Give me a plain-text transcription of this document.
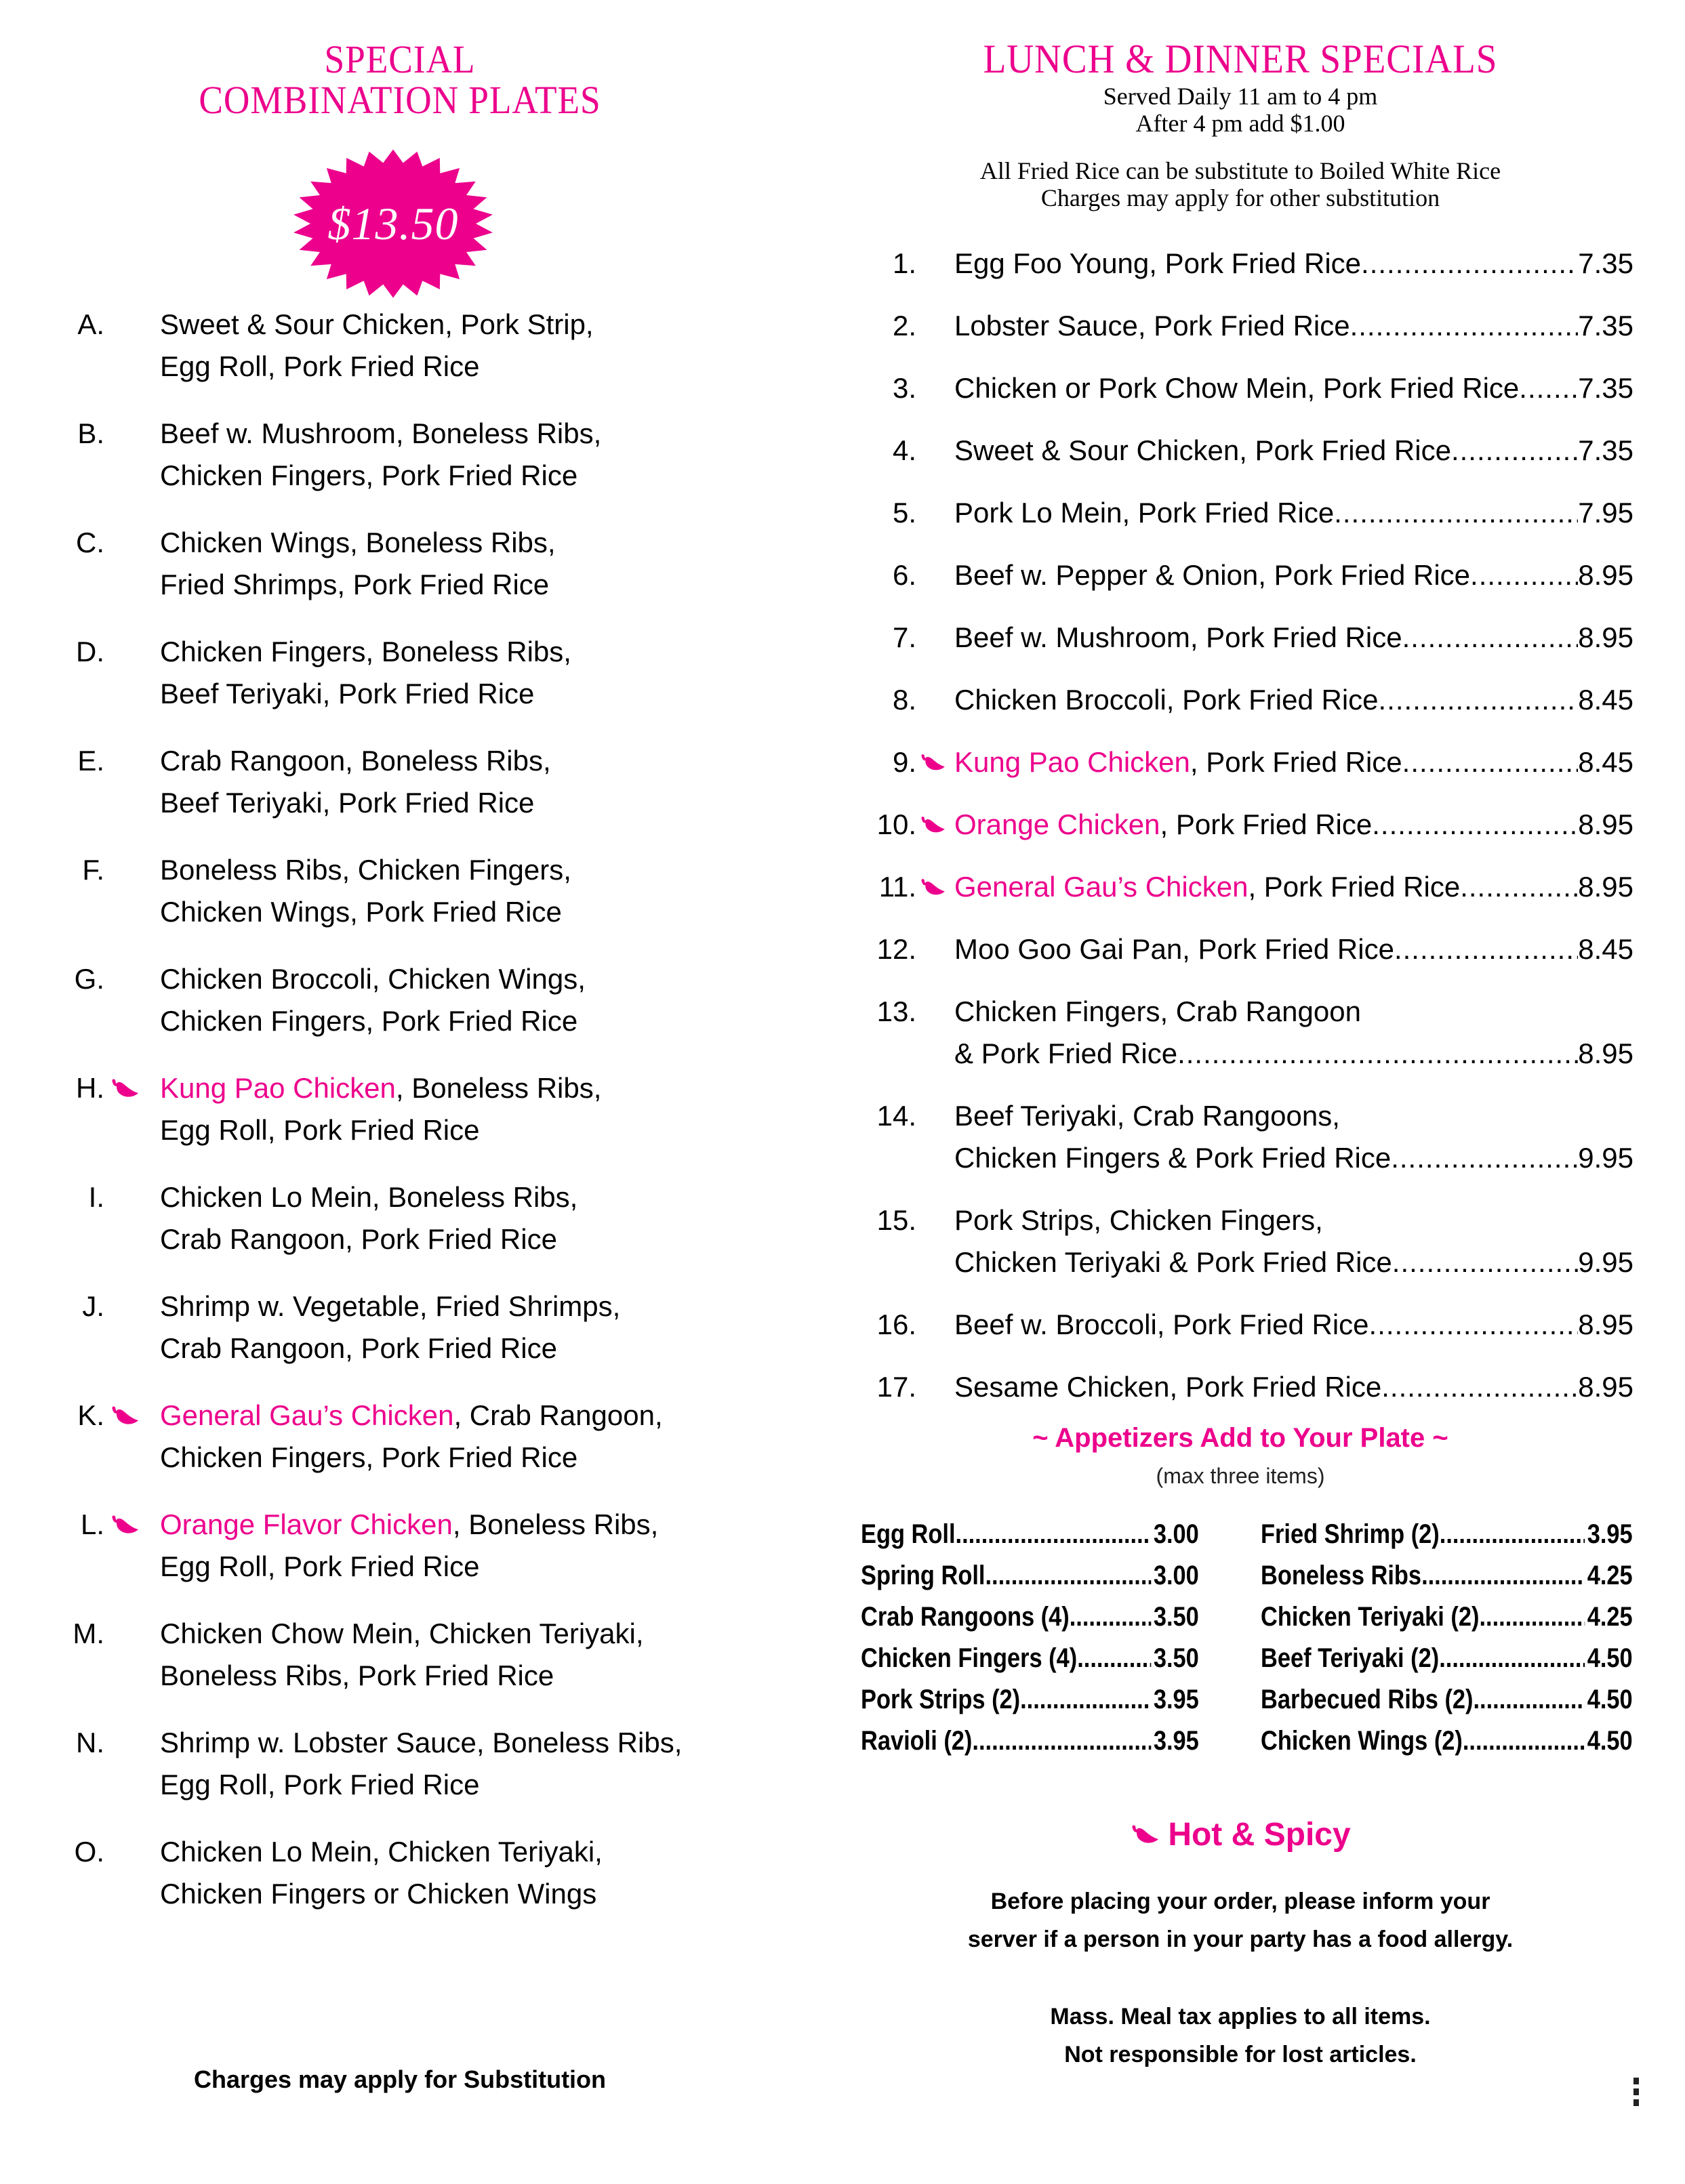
SPECIAL
COMBINATION PLATES
$13.50
A. Sweet & Sour Chicken, Pork Strip,
Egg Roll, Pork Fried Rice
B. Beef w. Mushroom, Boneless Ribs,
Chicken Fingers, Pork Fried Rice
C. Chicken Wings, Boneless Ribs,
Fried Shrimps, Pork Fried Rice
D. Chicken Fingers, Boneless Ribs,
Beef Teriyaki, Pork Fried Rice
E. Crab Rangoon, Boneless Ribs,
Beef Teriyaki, Pork Fried Rice
F. Boneless Ribs, Chicken Fingers,
Chicken Wings, Pork Fried Rice
G. Chicken Broccoli, Chicken Wings,
Chicken Fingers, Pork Fried Rice
H. Kung Pao Chicken, Boneless Ribs,
Egg Roll, Pork Fried Rice
I. Chicken Lo Mein, Boneless Ribs,
Crab Rangoon, Pork Fried Rice
J. Shrimp w. Vegetable, Fried Shrimps,
Crab Rangoon, Pork Fried Rice
K. General Gau’s Chicken, Crab Rangoon,
Chicken Fingers, Pork Fried Rice
L. Orange Flavor Chicken, Boneless Ribs,
Egg Roll, Pork Fried Rice
M. Chicken Chow Mein, Chicken Teriyaki,
Boneless Ribs, Pork Fried Rice
N. Shrimp w. Lobster Sauce, Boneless Ribs,
Egg Roll, Pork Fried Rice
O. Chicken Lo Mein, Chicken Teriyaki,
Chicken Fingers or Chicken Wings
Charges may apply for Substitution
LUNCH & DINNER SPECIALS
Served Daily 11 am to 4 pm
After 4 pm add $1.00
All Fried Rice can be substitute to Boiled White Rice
Charges may apply for other substitution
1. Egg Foo Young, Pork Fried Rice .....	7.35
2. Lobster Sauce, Pork Fried Rice .....	7.35
3. Chicken or Pork Chow Mein, Pork Fried Rice ..... 7.35
4. Sweet & Sour Chicken, Pork Fried Rice .....	7.35
5. Pork Lo Mein, Pork Fried Rice .....	7.95
6. Beef w. Pepper & Onion, Pork Fried Rice .....	8.95
7. Beef w. Mushroom, Pork Fried Rice .....	8.95
8. Chicken Broccoli, Pork Fried Rice .....	8.45
9. Kung Pao Chicken, Pork Fried Rice .....	8.45
10. Orange Chicken, Pork Fried Rice .....	8.95
11. General Gau’s Chicken, Pork Fried Rice .....	8.95
12. Moo Goo Gai Pan, Pork Fried Rice .....	8.45
13. Chicken Fingers, Crab Rangoon
& Pork Fried Rice .....	8.95
14. Beef Teriyaki, Crab Rangoons,
Chicken Fingers & Pork Fried Rice .....	9.95
15. Pork Strips, Chicken Fingers,
Chicken Teriyaki & Pork Fried Rice .....	9.95
16. Beef w. Broccoli, Pork Fried Rice .....	8.95
17. Sesame Chicken, Pork Fried Rice .....	8.95
~ Appetizers Add to Your Plate ~
(max three items)
Egg Roll .....	3.00
Spring Roll .....	3.00
Crab Rangoons (4) .....	3.50
Chicken Fingers (4) .....	3.50
Pork Strips (2) .....	3.95
Ravioli (2) .....	3.95
Fried Shrimp (2) .....	3.95
Boneless Ribs .....	4.25
Chicken Teriyaki (2) .....	4.25
Beef Teriyaki (2) .....	4.50
Barbecued Ribs (2) .....	4.50
Chicken Wings (2) .....	4.50
Hot & Spicy
Before placing your order, please inform your
server if a person in your party has a food allergy.
Mass. Meal tax applies to all items.
Not responsible for lost articles.
